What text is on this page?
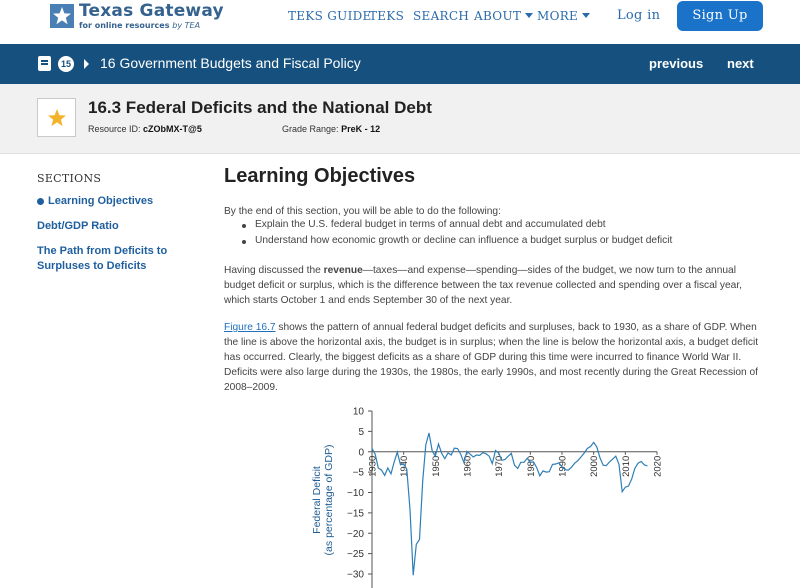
Texas Gateway
for online resources by TEA
TEKS GUIDE
TEKS SEARCH ABOUT	MORE	Log in	Sign Up
15 16 Government Budgets and Fiscal Policy	previous next
16.3 Federal Deficits and the National Debt
Resource ID: cZObMX-T@5	Grade Range: PreK - 12
SECTIONS
Learning Objectives
Debt/GDP Ratio
The Path from Deficits to
Surpluses to Deficits
Learning Objectives
By the end of this section, you will be able to do the following:
Explain the U.S. federal budget in terms of annual debt and accumulated debt
Understand how economic growth or decline can influence a budget surplus or budget deficit
Having discussed the revenue—taxes—and expense—spending—sides of the budget, we now turn to the annual budget deficit or surplus, which is the difference between the tax revenue collected and spending over a fiscal year, which starts October 1 and ends September 30 of the next year.
Figure 16.7 shows the pattern of annual federal budget deficits and surpluses, back to 1930, as a share of GDP. When the line is above the horizontal axis, the budget is in surplus; when the line is below the horizontal axis, a budget deficit has occurred. Clearly, the biggest deficits as a share of GDP during this time were incurred to finance World War II. Deficits were also large during the 1930s, the 1980s, the early 1990s, and most recently during the Great Recession of 2008–2009.
Federal Deficit (as percentage of GDP)
10
5
0
−5
−10
−15
−20
−25
−30
1930 1940 1950 1960 1970 1980 1990 2000 2010 2020
